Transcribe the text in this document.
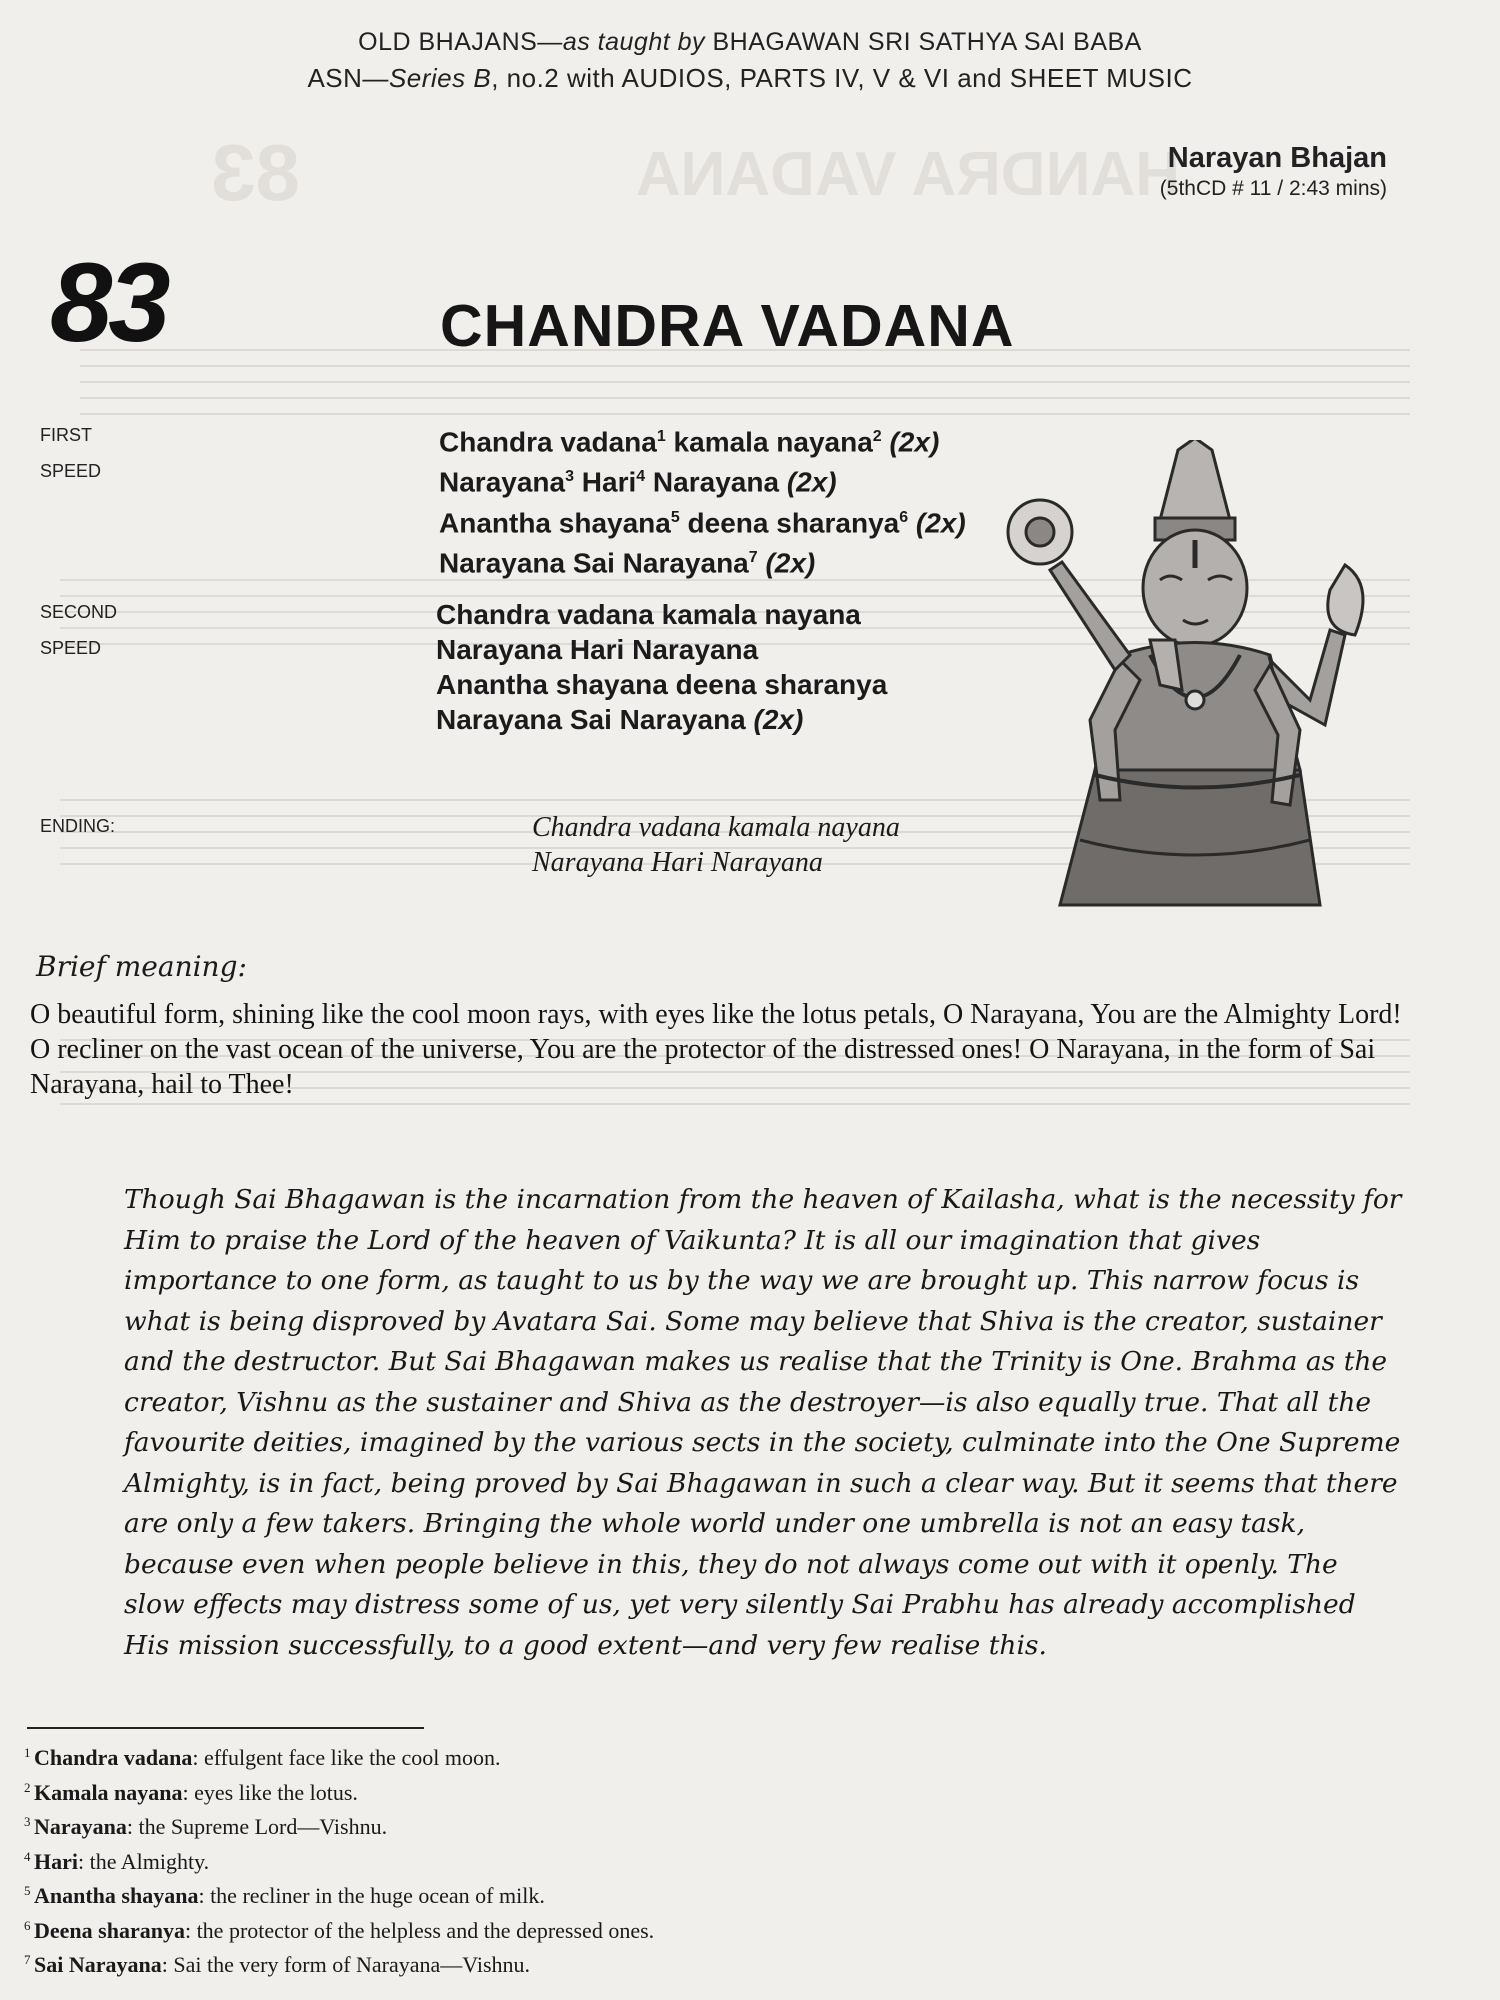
83	HANDRA VADANA
OLD BHAJANS—as taught by BHAGAWAN SRI SATHYA SAI BABA
ASN—Series B, no.2 with AUDIOS, PARTS IV, V & VI and SHEET MUSIC
Narayan Bhajan
(5thCD # 11 / 2:43 mins)
83	CHANDRA VADANA
FIRST
SPEED
SECOND
SPEED
ENDING:
Chandra vadana$^1$ kamala nayana$^2$ (2x)
Narayana$^3$ Hari$^4$ Narayana (2x)
Anantha shayana$^5$ deena sharanya$^6$ (2x)
Narayana Sai Narayana$^7$ (2x)
Chandra vadana kamala nayana
Narayana Hari Narayana
Anantha shayana deena sharanya
Narayana Sai Narayana (2x)
Chandra vadana kamala nayana
Narayana Hari Narayana
Brief meaning:
O beautiful form, shining like the cool moon rays, with eyes like the lotus petals, O Narayana, You are the Almighty Lord! O recliner on the vast ocean of the universe, You are the protector of the distressed ones! O Narayana, in the form of Sai Narayana, hail to Thee!
Though Sai Bhagawan is the incarnation from the heaven of Kailasha, what is the necessity for Him to praise the Lord of the heaven of Vaikunta? It is all our imagination that gives importance to one form, as taught to us by the way we are brought up. This narrow focus is what is being disproved by Avatara Sai. Some may believe that Shiva is the creator, sustainer and the destructor. But Sai Bhagawan makes us realise that the Trinity is One. Brahma as the creator, Vishnu as the sustainer and Shiva as the destroyer—is also equally true. That all the favourite deities, imagined by the various sects in the society, culminate into the One Supreme Almighty, is in fact, being proved by Sai Bhagawan in such a clear way. But it seems that there are only a few takers. Bringing the whole world under one umbrella is not an easy task, because even when people believe in this, they do not always come out with it openly. The slow effects may distress some of us, yet very silently Sai Prabhu has already accomplished His mission successfully, to a good extent—and very few realise this.
$^1$ Chandra vadana: effulgent face like the cool moon.
$^2$ Kamala nayana: eyes like the lotus.
$^3$ Narayana: the Supreme Lord—Vishnu.
$^4$ Hari: the Almighty.
$^5$ Anantha shayana: the recliner in the huge ocean of milk.
$^6$ Deena sharanya: the protector of the helpless and the depressed ones.
$^7$ Sai Narayana: Sai the very form of Narayana—Vishnu.
